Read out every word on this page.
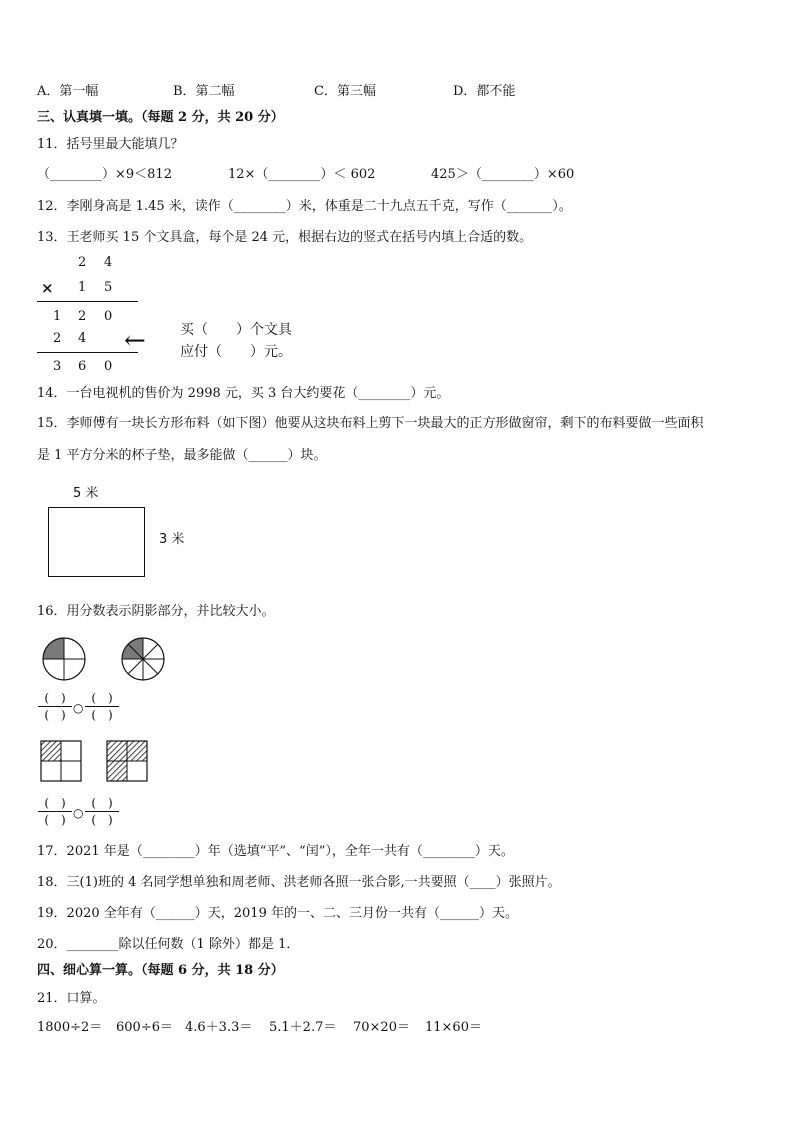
A．第一幅	B．第二幅	C．第三幅	D．都不能
三、认真填一填。（每题 2 分，共 20 分）
11．括号里最大能填几？
（________）×9＜812	12×（________）＜ 602	425＞（________）×60
12．李刚身高是 1.45 米，读作（________）米，体重是二十九点五千克，写作（_______）。
13．王老师买 15 个文具盒，每个是 24 元，根据右边的竖式在括号内填上合适的数。
2 4
× 1 5
1 2 0
2 4
3 6 0
← 买（　　）个文具
应付（　　）元。
14．一台电视机的售价为 2998 元，买 3 台大约要花（________）元。
15．李师傅有一块长方形布料（如下图）他要从这块布料上剪下一块最大的正方形做窗帘，剩下的布料要做一些面积
是 1 平方分米的杯子垫，最多能做（______）块。
5 米
3 米
16．用分数表示阴影部分，并比较大小。
(　)
(　) ○
(　)
(　)
(　)
(　) ○
(　)
(　)
17．2021 年是（________）年（选填“平”、“闰”），全年一共有（________）天。
18．三(1)班的 4 名同学想单独和周老师、洪老师各照一张合影,一共要照（____）张照片。
19．2020 全年有（______）天，2019 年的一、二、三月份一共有（______）天。
20．________除以任何数（1 除外）都是 1．
四、细心算一算。（每题 6 分，共 18 分）
21．口算。
1800÷2＝ 600÷6＝ 4.6＋3.3＝ 5.1＋2.7＝ 70×20＝ 11×60＝
